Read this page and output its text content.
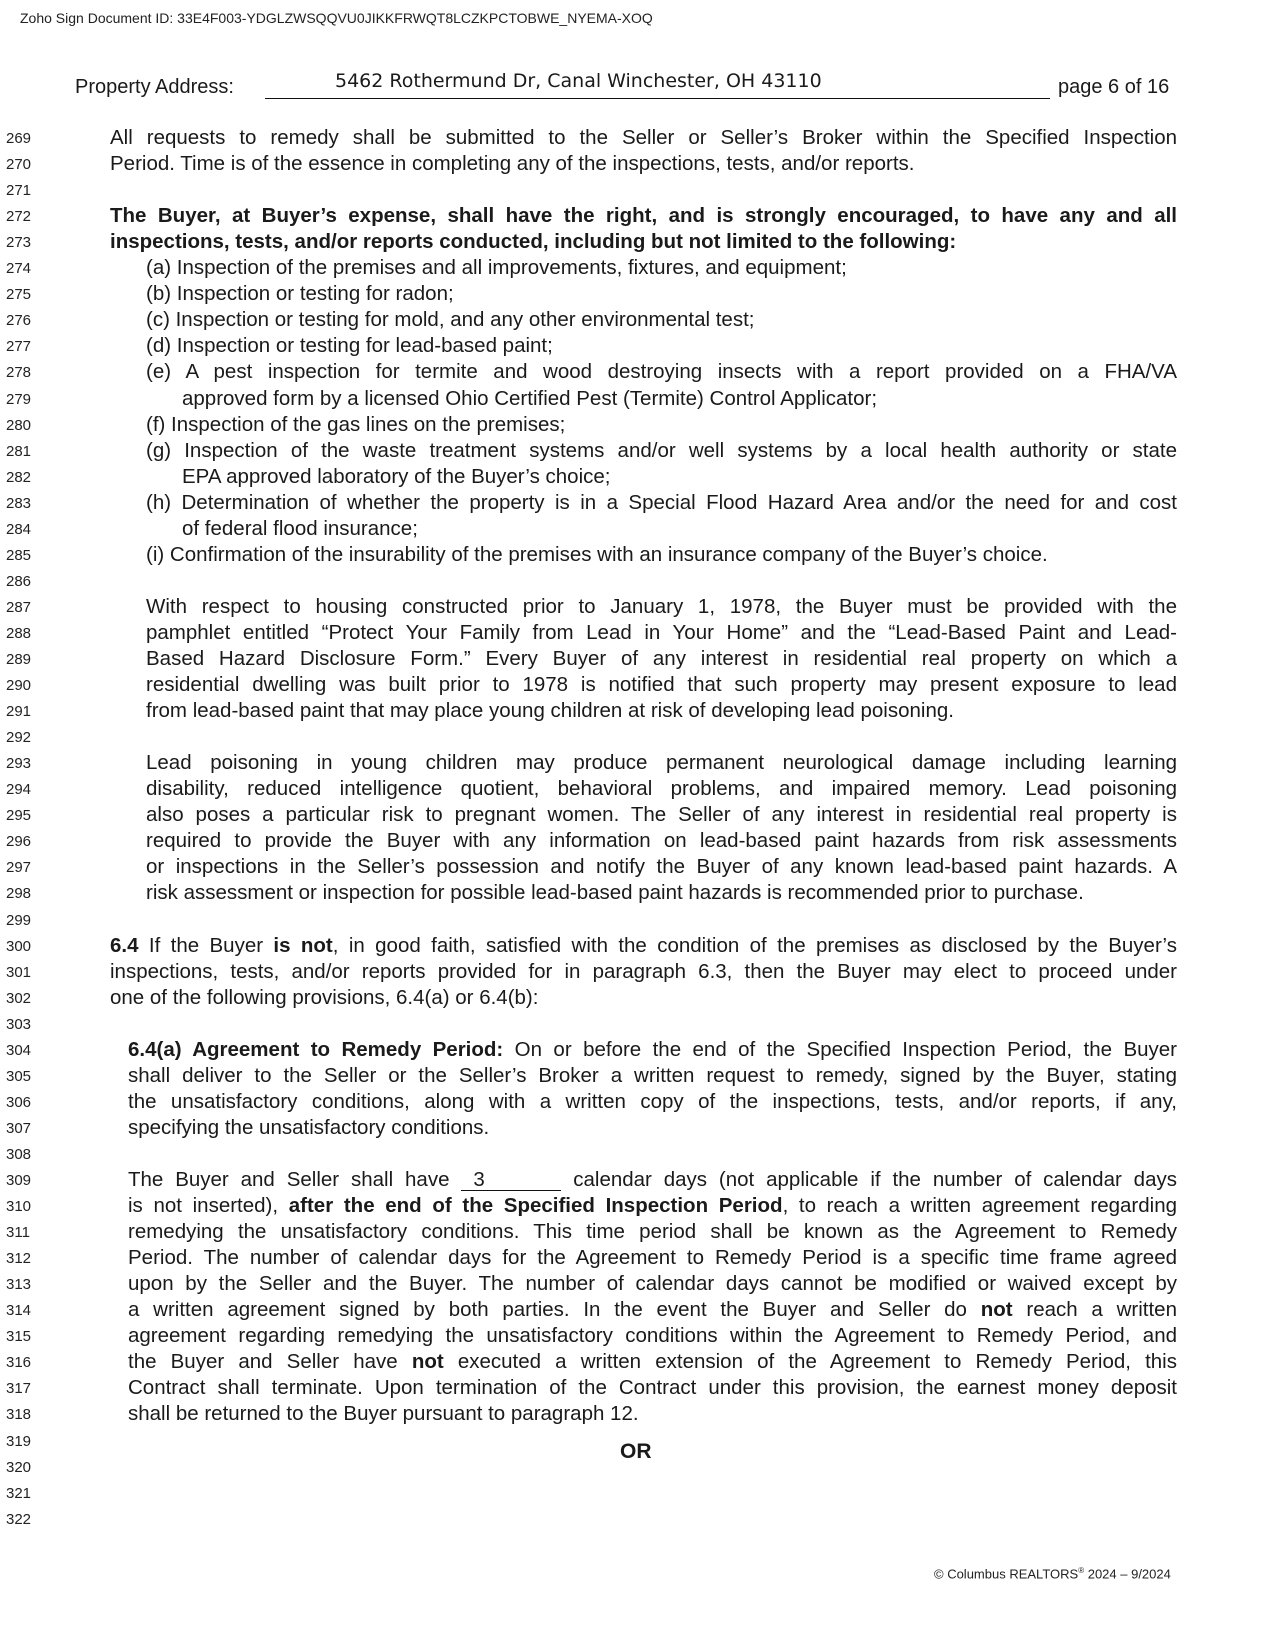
Zoho Sign Document ID: 33E4F003-YDGLZWSQQVU0JIKKFRWQT8LCZKPCTOBWE_NYEMA-XOQ
Property Address:	5462 Rothermund Dr, Canal Winchester, OH 43110	page 6 of 16
269	All requests to remedy shall be submitted to the Seller or Seller’s Broker within the Specified Inspection
270	Period. Time is of the essence in completing any of the inspections, tests, and/or reports.
271
272	The Buyer, at Buyer’s expense, shall have the right, and is strongly encouraged, to have any and all
273	inspections, tests, and/or reports conducted, including but not limited to the following:
274	(a) Inspection of the premises and all improvements, fixtures, and equipment;
275	(b) Inspection or testing for radon;
276	(c) Inspection or testing for mold, and any other environmental test;
277	(d) Inspection or testing for lead-based paint;
278	(e) A pest inspection for termite and wood destroying insects with a report provided on a FHA/VA
279	approved form by a licensed Ohio Certified Pest (Termite) Control Applicator;
280	(f) Inspection of the gas lines on the premises;
281	(g) Inspection of the waste treatment systems and/or well systems by a local health authority or state
282	EPA approved laboratory of the Buyer’s choice;
283	(h) Determination of whether the property is in a Special Flood Hazard Area and/or the need for and cost
284	of federal flood insurance;
285	(i) Confirmation of the insurability of the premises with an insurance company of the Buyer’s choice.
286
287	With respect to housing constructed prior to January 1, 1978, the Buyer must be provided with the
288	pamphlet entitled “Protect Your Family from Lead in Your Home” and the “Lead-Based Paint and Lead-
289	Based Hazard Disclosure Form.” Every Buyer of any interest in residential real property on which a
290	residential dwelling was built prior to 1978 is notified that such property may present exposure to lead
291	from lead-based paint that may place young children at risk of developing lead poisoning.
292
293	Lead poisoning in young children may produce permanent neurological damage including learning
294	disability, reduced intelligence quotient, behavioral problems, and impaired memory. Lead poisoning
295	also poses a particular risk to pregnant women. The Seller of any interest in residential real property is
296	required to provide the Buyer with any information on lead-based paint hazards from risk assessments
297	or inspections in the Seller’s possession and notify the Buyer of any known lead-based paint hazards. A
298	risk assessment or inspection for possible lead-based paint hazards is recommended prior to purchase.
299
300	6.4 If the Buyer is not, in good faith, satisfied with the condition of the premises as disclosed by the Buyer’s
301	inspections, tests, and/or reports provided for in paragraph 6.3, then the Buyer may elect to proceed under
302	one of the following provisions, 6.4(a) or 6.4(b):
303
304	6.4(a) Agreement to Remedy Period: On or before the end of the Specified Inspection Period, the Buyer
305	shall deliver to the Seller or the Seller’s Broker a written request to remedy, signed by the Buyer, stating
306	the unsatisfactory conditions, along with a written copy of the inspections, tests, and/or reports, if any,
307	specifying the unsatisfactory conditions.
308
309	The Buyer and Seller shall have 3	calendar days (not applicable if the number of calendar days
310	is not inserted), after the end of the Specified Inspection Period, to reach a written agreement regarding
311	remedying the unsatisfactory conditions. This time period shall be known as the Agreement to Remedy
312	Period. The number of calendar days for the Agreement to Remedy Period is a specific time frame agreed
313	upon by the Seller and the Buyer. The number of calendar days cannot be modified or waived except by
314	a written agreement signed by both parties. In the event the Buyer and Seller do not reach a written
315	agreement regarding remedying the unsatisfactory conditions within the Agreement to Remedy Period, and
316	the Buyer and Seller have not executed a written extension of the Agreement to Remedy Period, this
317	Contract shall terminate. Upon termination of the Contract under this provision, the earnest money deposit
318	shall be returned to the Buyer pursuant to paragraph 12.
319
320
321
322
OR
© Columbus REALTORS® 2024 – 9/2024
